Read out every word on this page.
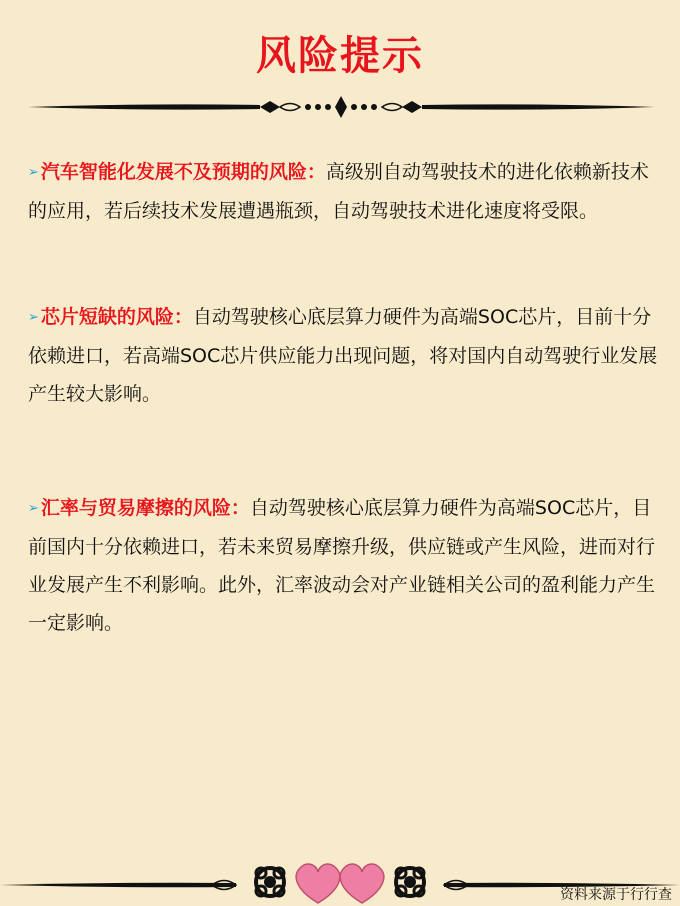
风险提示
➢ 汽车智能化发展不及预期的风险：高级别自动驾驶技术的进化依赖新技术的应用，若后续技术发展遭遇瓶颈，自动驾驶技术进化速度将受限。
➢ 芯片短缺的风险：自动驾驶核心底层算力硬件为高端SOC芯片，目前十分依赖进口，若高端SOC芯片供应能力出现问题，将对国内自动驾驶行业发展产生较大影响。
➢ 汇率与贸易摩擦的风险：自动驾驶核心底层算力硬件为高端SOC芯片，目前国内十分依赖进口，若未来贸易摩擦升级，供应链或产生风险，进而对行业发展产生不利影响。此外，汇率波动会对产业链相关公司的盈利能力产生一定影响。
资料来源于行行查
